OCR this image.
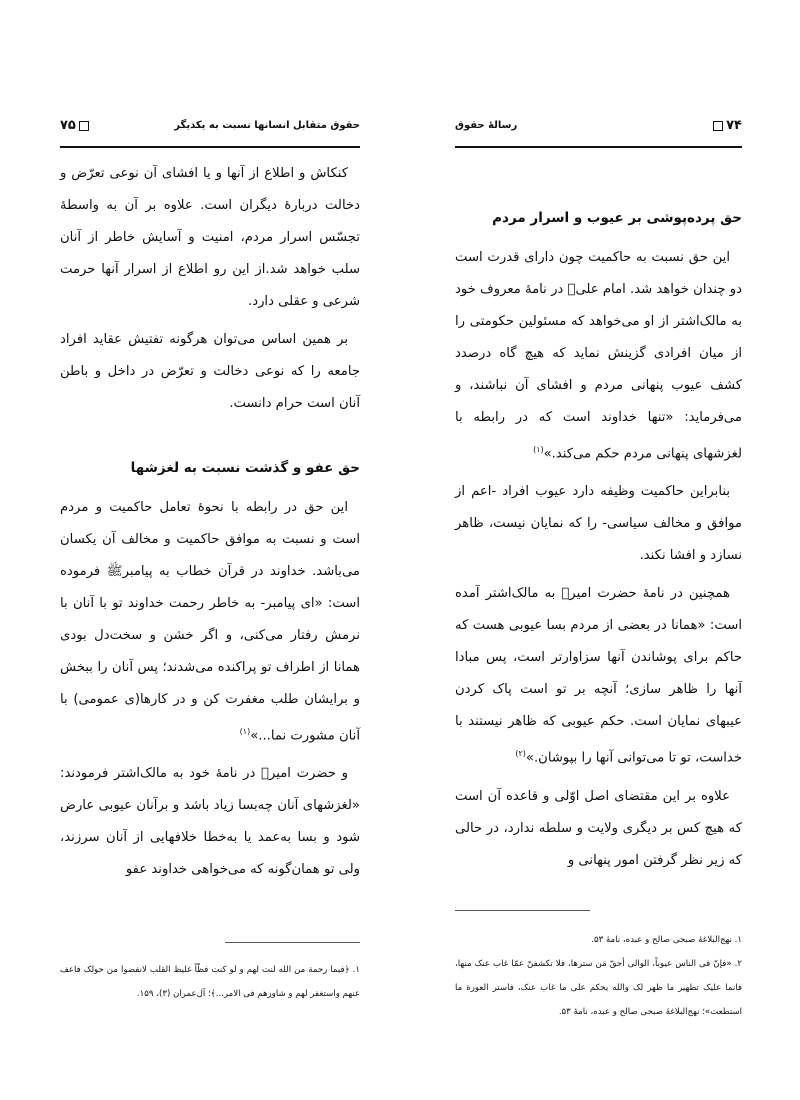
۷۵	حقوق متقابل انسانها نسبت به یکدیگر

کنکاش و اطلاع از آنها و یا افشای آن نوعی تعرّض و دخالت دربارۀ دیگران است. علاوه بر آن به واسطۀ تجسّس اسرار مردم، امنیت و آسایش خاطر از آنان سلب خواهد شد.از این رو اطلاع از اسرار آنها حرمت شرعی و عقلی دارد.

بر همین اساس می‌توان هرگونه تفتیش عقاید افراد جامعه را که نوعی دخالت و تعرّض در داخل و باطن آنان است حرام دانست.

حق عفو و گذشت نسبت به لغزشها

این حق در رابطه با نحوۀ تعامل حاکمیت و مردم است و نسبت به موافق حاکمیت و مخالف آن یکسان می‌باشد. خداوند در قرآن خطاب به پیامبرﷺ فرموده است: «ای پیامبر- به خاطر رحمت خداوند تو با آنان با نرمش رفتار می‌کنی، و اگر خشن و سخت‌دل بودی همانا از اطراف تو پراکنده می‌شدند؛ پس آنان را ببخش و برایشان طلب مغفرت کن و در کارها(ی عمومی) با آنان مشورت نما...»$^{(۱)}$

و حضرت امیرؑ در نامۀ خود به مالک‌اشتر فرمودند: «لغزشهای آنان چه‌بسا زیاد باشد و برآنان عیوبی عارض شود و بسا به‌عمد یا به‌خطا خلافهایی از آنان سرزند، ولی تو همان‌گونه که می‌خواهی خداوند عفو

۱. ﴿فبما رحمة من الله لنت لهم و لو کنت فظّاً غلیظ القلب لانفضوا من حولک فاعف عنهم واستغفر لهم و شاورهم فی الامر...﴾؛ آل‌عمران (۳)، ۱۵۹.

۷۴
رسالۀ حقوق
حق پرده‌پوشی بر عیوب و اسرار مردم

این حق نسبت به حاکمیت چون دارای قدرت است دو چندان خواهد شد. امام علیؑ در نامۀ معروف خود به مالک‌اشتر از او می‌خواهد که مسئولین حکومتی را از میان افرادی گزینش نماید که هیچ گاه درصدد کشف عیوب پنهانی مردم و افشای آن نباشند، و می‌فرماید: «تنها خداوند است که در رابطه با لغزشهای پنهانی مردم حکم می‌کند.»$^{(۱)}$

بنابراین حاکمیت وظیفه دارد عیوب افراد -اعم از موافق و مخالف سیاسی- را که نمایان نیست، ظاهر نسازد و افشا نکند.

همچنین در نامۀ حضرت امیرؑ به مالک‌اشتر آمده است: «همانا در بعضی از مردم بسا عیوبی هست که حاکم برای پوشاندن آنها سزاوارتر است، پس مبادا آنها را ظاهر سازی؛ آنچه بر تو است پاک کردن عیبهای نمایان است. حکم عیوبی که ظاهر نیستند با خداست، تو تا می‌توانی آنها را بپوشان.»$^{(۲)}$

علاوه بر این مقتضای اصل اوّلی و قاعده آن است که هیچ کس بر دیگری ولایت و سلطه ندارد، در حالی که زیر نظر گرفتن امور پنهانی و

۱. نهج‌البلاغۀ صبحی صالح و عبده، نامۀ ۵۳.

۲. «فإنّ فی الناس عیوباً، الوالی أحقّ مَن سترها، فلا تکشفنّ عمّا غاب عنک منها، فانما علیک تطهیر ما ظهر لک والله یحکم علی ما غاب عنک، فاستر العورة ما استطعت»؛ نهج‌البلاغۀ صبحی صالح و عبده، نامۀ ۵۳.
